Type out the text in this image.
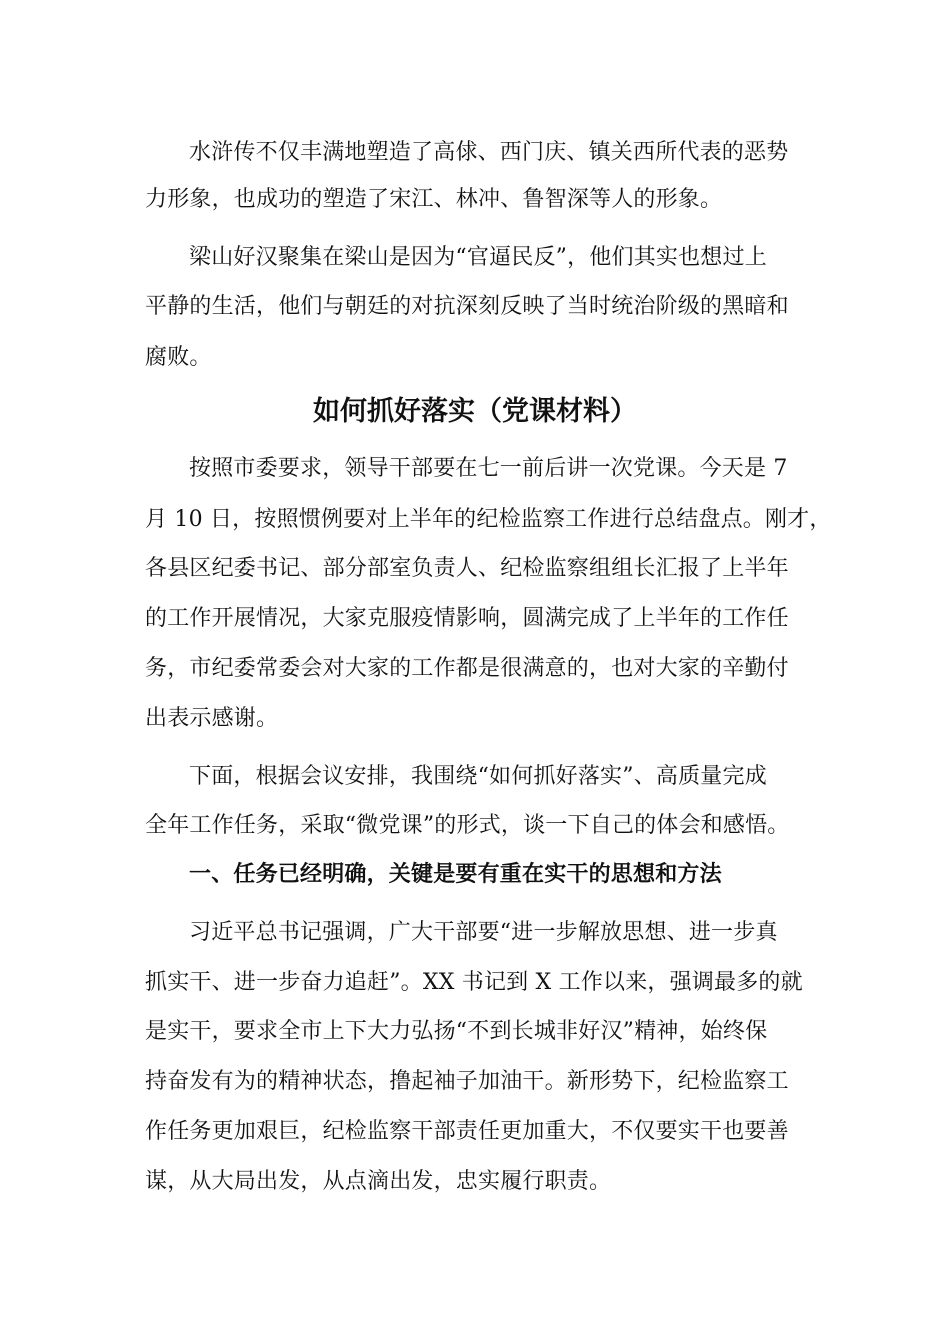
水浒传不仅丰满地塑造了高俅、西门庆、镇关西所代表的恶势
力形象，也成功的塑造了宋江、林冲、鲁智深等人的形象。
梁山好汉聚集在梁山是因为“官逼民反”，他们其实也想过上
平静的生活，他们与朝廷的对抗深刻反映了当时统治阶级的黑暗和
腐败。
如何抓好落实（党课材料）
按照市委要求，领导干部要在七一前后讲一次党课。今天是 7
月 10 日，按照惯例要对上半年的纪检监察工作进行总结盘点。刚才，
各县区纪委书记、部分部室负责人、纪检监察组组长汇报了上半年
的工作开展情况，大家克服疫情影响，圆满完成了上半年的工作任
务，市纪委常委会对大家的工作都是很满意的，也对大家的辛勤付
出表示感谢。
下面，根据会议安排，我围绕“如何抓好落实”、高质量完成
全年工作任务，采取“微党课”的形式，谈一下自己的体会和感悟。
一、任务已经明确，关键是要有重在实干的思想和方法
习近平总书记强调，广大干部要“进一步解放思想、进一步真
抓实干、进一步奋力追赶”。XX 书记到 X 工作以来，强调最多的就
是实干，要求全市上下大力弘扬“不到长城非好汉”精神，始终保
持奋发有为的精神状态，撸起袖子加油干。新形势下，纪检监察工
作任务更加艰巨，纪检监察干部责任更加重大，不仅要实干也要善
谋，从大局出发，从点滴出发，忠实履行职责。
